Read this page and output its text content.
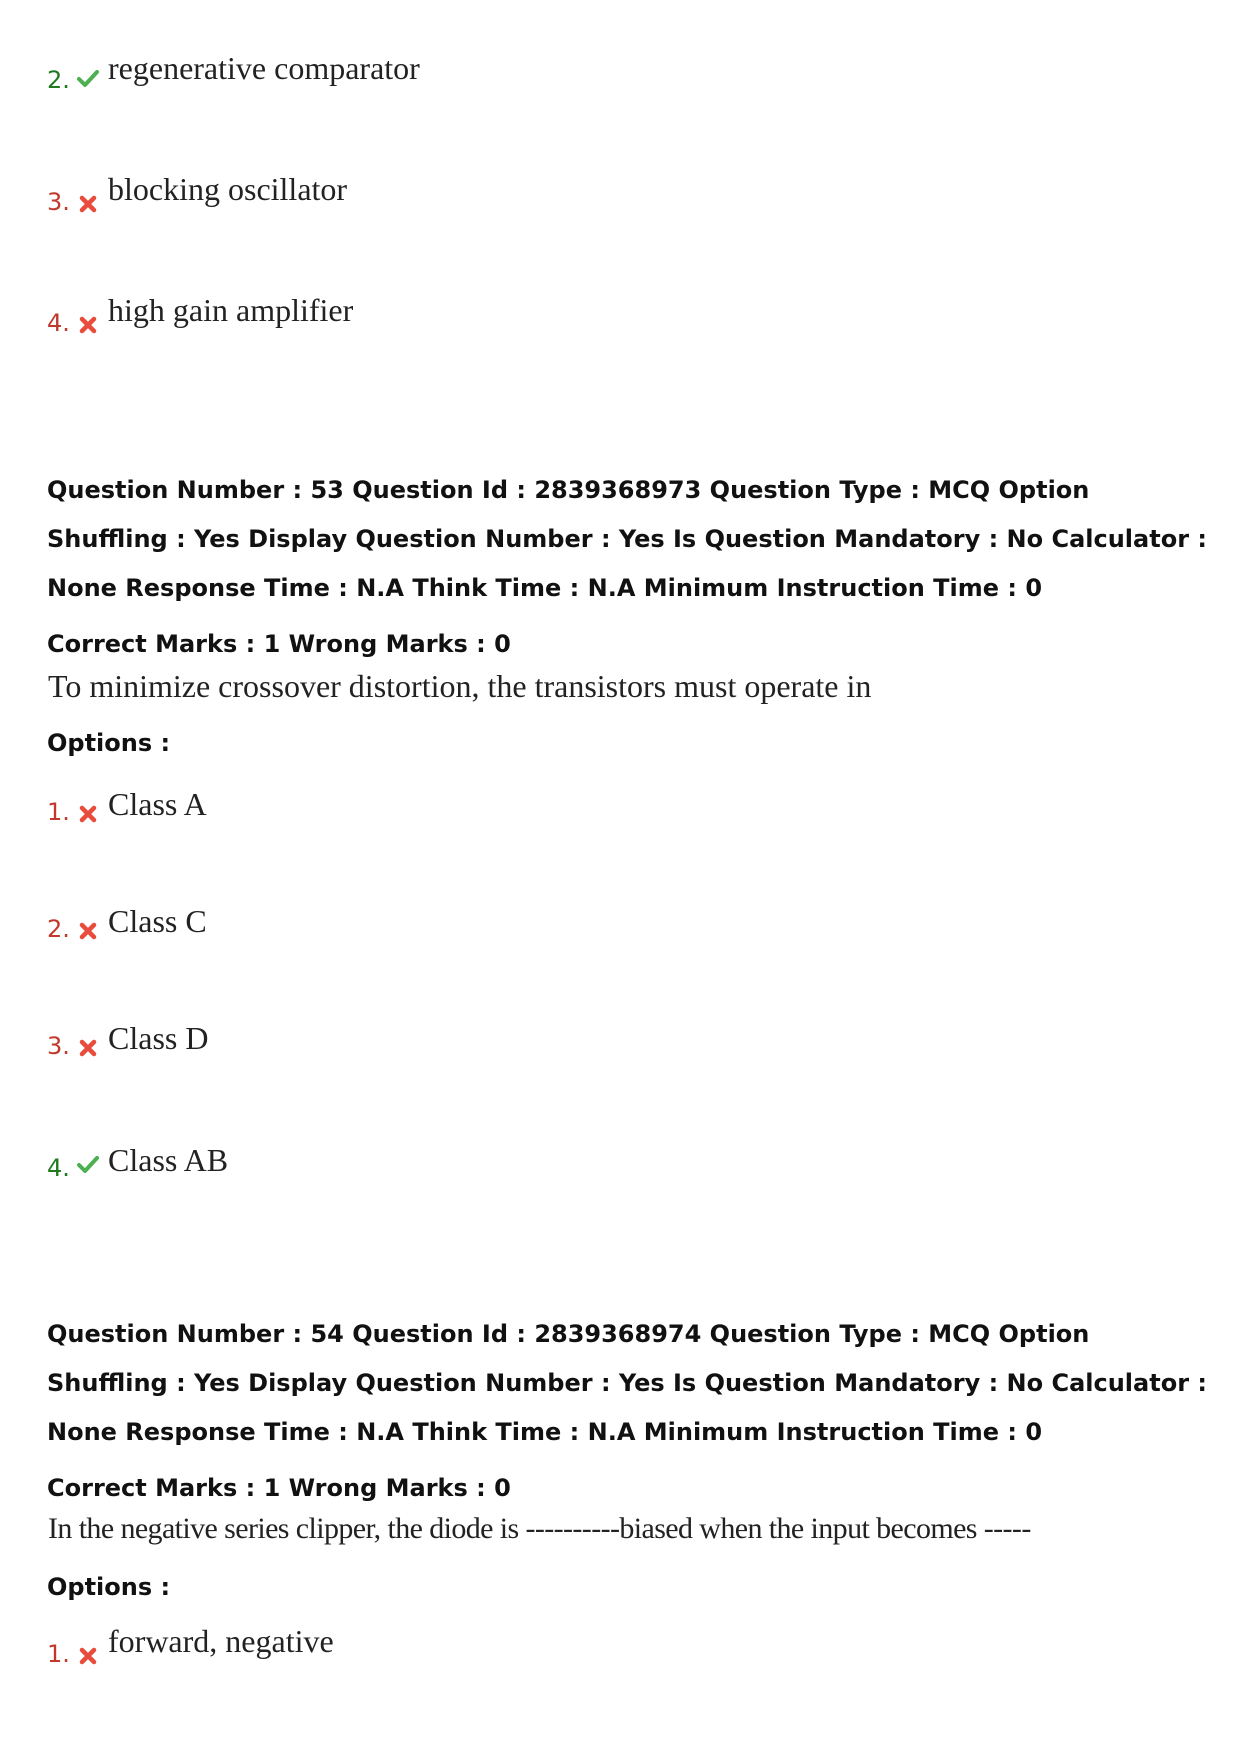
2. regenerative comparator
3. blocking oscillator
4. high gain amplifier
Question Number : 53 Question Id : 2839368973 Question Type : MCQ Option Shuffling : Yes Display Question Number : Yes Is Question Mandatory : No Calculator : None Response Time : N.A Think Time : N.A Minimum Instruction Time : 0
Correct Marks : 1 Wrong Marks : 0
To minimize crossover distortion, the transistors must operate in
Options :
1. Class A
2. Class C
3. Class D
4. Class AB
Question Number : 54 Question Id : 2839368974 Question Type : MCQ Option Shuffling : Yes Display Question Number : Yes Is Question Mandatory : No Calculator : None Response Time : N.A Think Time : N.A Minimum Instruction Time : 0
Correct Marks : 1 Wrong Marks : 0
In the negative series clipper, the diode is ----------biased when the input becomes -----
Options :
1. forward, negative
